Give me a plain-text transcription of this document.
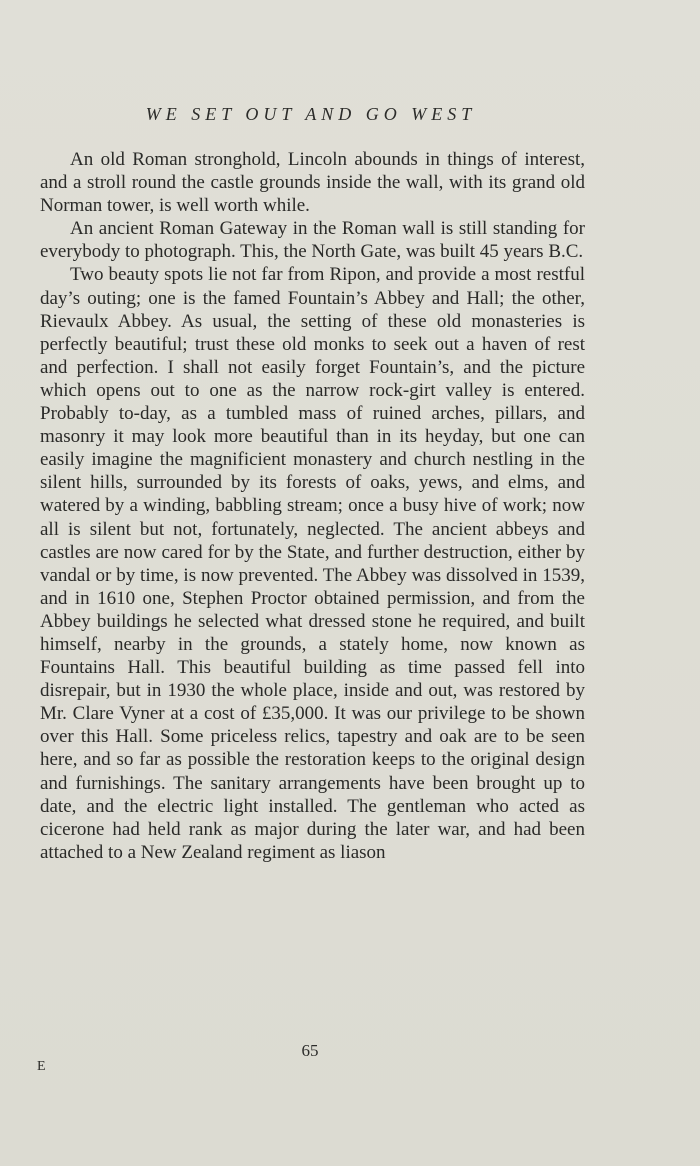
WE SET OUT AND GO WEST

An old Roman stronghold, Lincoln abounds in things of interest, and a stroll round the castle grounds inside the wall, with its grand old Norman tower, is well worth while.

An ancient Roman Gateway in the Roman wall is still standing for everybody to photograph. This, the North Gate, was built 45 years B.C.

Two beauty spots lie not far from Ripon, and provide a most restful day’s outing; one is the famed Fountain’s Abbey and Hall; the other, Rievaulx Abbey. As usual, the setting of these old monasteries is perfectly beautiful; trust these old monks to seek out a haven of rest and perfection. I shall not easily forget Fountain’s, and the picture which opens out to one as the narrow rock-girt valley is entered. Probably to-day, as a tumbled mass of ruined arches, pillars, and masonry it may look more beautiful than in its heyday, but one can easily imagine the magnificient monastery and church nestling in the silent hills, surrounded by its forests of oaks, yews, and elms, and watered by a winding, babbling stream; once a busy hive of work; now all is silent but not, fortunately, neglected. The ancient abbeys and castles are now cared for by the State, and further destruction, either by vandal or by time, is now prevented. The Abbey was dissolved in 1539, and in 1610 one, Stephen Proctor obtained permission, and from the Abbey buildings he selected what dressed stone he required, and built himself, nearby in the grounds, a stately home, now known as Fountains Hall. This beautiful building as time passed fell into disrepair, but in 1930 the whole place, inside and out, was restored by Mr. Clare Vyner at a cost of £35,000. It was our privilege to be shown over this Hall. Some priceless relics, tapestry and oak are to be seen here, and so far as possible the restoration keeps to the original design and furnishings. The sanitary arrangements have been brought up to date, and the electric light installed. The gentleman who acted as cicerone had held rank as major during the later war, and had been attached to a New Zealand regiment as liason

65
E
